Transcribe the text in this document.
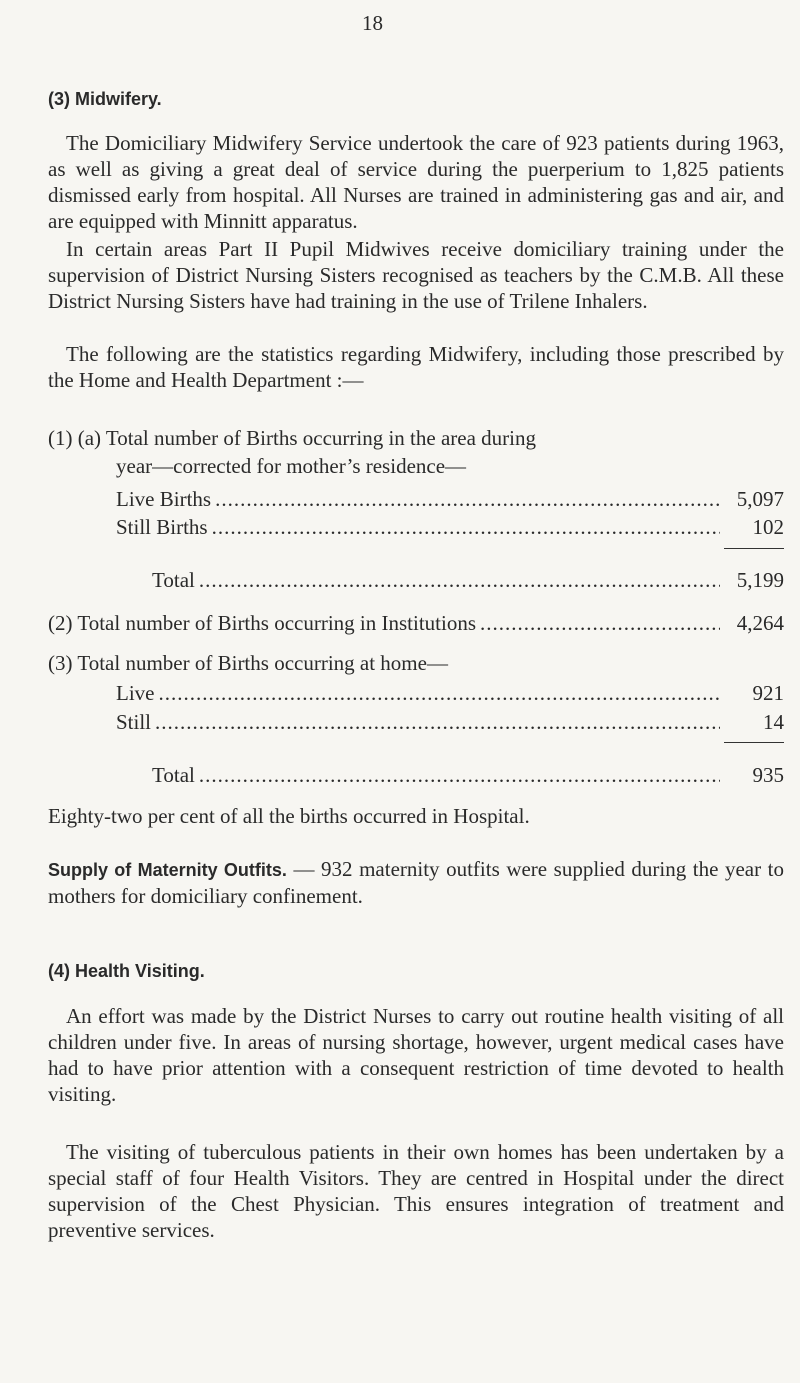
18
(3) Midwifery.

The Domiciliary Midwifery Service undertook the care of 923 patients during 1963, as well as giving a great deal of service during the puerperium to 1,825 patients dismissed early from hospital. All Nurses are trained in administering gas and air, and are equipped with Minnitt apparatus.

In certain areas Part II Pupil Midwives receive domiciliary training under the supervision of District Nursing Sisters recognised as teachers by the C.M.B. All these District Nursing Sisters have had training in the use of Trilene Inhalers.

The following are the statistics regarding Midwifery, including those prescribed by the Home and Health Department :—

(1) (a) Total number of Births occurring in the area during
year—corrected for mother’s residence—
Live Births .....	5,097
Still Births .....	102
Total .....	5,199
(2) Total number of Births occurring in Institutions .....	4,264
(3) Total number of Births occurring at home—
Live .....	921
Still .....	14
Total .....	935
Eighty-two per cent of all the births occurred in Hospital.

Supply of Maternity Outfits. — 932 maternity outfits were supplied during the year to mothers for domiciliary confinement.

(4) Health Visiting.

An effort was made by the District Nurses to carry out routine health visiting of all children under five. In areas of nursing shortage, however, urgent medical cases have had to have prior attention with a consequent restriction of time devoted to health visiting.

The visiting of tuberculous patients in their own homes has been undertaken by a special staff of four Health Visitors. They are centred in Hospital under the direct supervision of the Chest Physician. This ensures integration of treatment and preventive services.
